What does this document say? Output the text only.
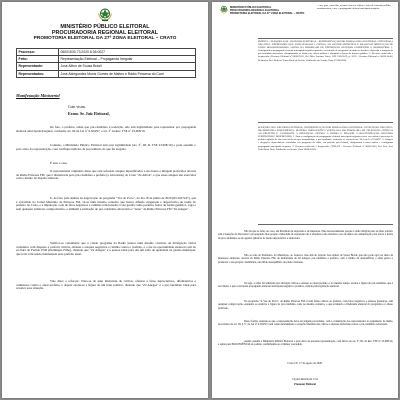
MINISTÉRIO PÚBLICO ELEITORAL
PROCURADORIA REGIONAL ELEITORAL
PROMOTORIA ELEITORAL DA 27ª ZONA ELEITORAL – CRATO
Processo:	06001530-73.2020.6.06.0027
Feito:	Representação Eleitoral – Propaganda Irregular
Representante:	José Ailton de Sousa Brasil
Representados:	José Aldegundes Muniz Gomes de Mattos e Rádio Princesa do Carri
Manifestação Ministerial
Com vistas.
Exmo. Sr. Juiz Eleitoral,
De fato, o prefeito, ainda que pré-candidato à reeleição, não tem legitimidade para representar por propaganda eleitoral antecipada/irregular, conforme art. 96 da Lei nº 9.504/97, e art. 3º da Res. TSE nº 23.608/19.
Contudo, o Ministério Público Eleitoral tem essa legitimidade (art. 3º, III, R. TSE 23.608/19) e pode assumir o polo ativo da representação, caso verifique indícios de procedência do que foi alegado.
É esse o caso.
O representante originário disse que está sofrendo ataques injustificados a sua honra e imagem proferidos através da Rádio Princesa FM, que é titularizada pelo pré-candidato a prefeito (e adversário) do Crato "Zé Ailton", e que esses ataques são exercidos com o intuito de disputa eleitoral.
E, de fato, pela análise da degravação do programa "Voz do Povo", do dia 18 de junho de 2020 (ID 2927247), que é veiculado no Jornal Matutino da Princesa FM, vê-se num mesmo contexto que houve difusão exagerada e depreciativa do nome do prefeito do Crato, e a imputação a ele de fatos negativos e calúnias relacionados à sua gestão como prefeito, feitos de forma genérica, vaga e sem qualquer substrato comprobatório, e também a exaltação do pré-candidato adversário e "dono" da Rádio Princesa FM "Zé Adegas".
Verifica-se claramente que o citado programa da Rádio juntou num mesmo contexto de divulgação vários conteúdos com disposto a proferir críticas, ofensas e ataques negativos e calúnia contra o prefeito, e o fez na oportunidade eleitoral com do ex-líder do Partido PSD (Domingos Filho), dizendo que "Zé Adegas" é a pessoa ideal para dar um salto de qualidade na gestão municipal, que teria vem sendo malmanada pelo prefeito atual.
Vale dizer e reforçar: Trata-se de uma misturada de críticas, ofensas e fatos depreciativos, difamatórios e calúniosos contra o atual prefeito, e depois exalta-se a figura de um líder político, dizendo que "Zé Adegas" é o pré-candidato ideal para reverter essa situação.
MINISTÉRIO PÚBLICO ELEITORAL
PROCURADORIA REGIONAL ELEITORAL
PROMOTORIA ELEITORAL DA 27ª ZONA ELEITORAL – CRATO
... ano, pois, como dito, mesmo elenca as críticas e fatos de conteúdo político, constitucionais, estes, a propaganda eleitoral antecipada negativa.
EMENTA – ELEIÇÕES 2018 – RECURSO ELEITORAL – REPRESENTAÇÃO POR PROPAGANDA ELEITORAL ANTECIPADA NEGATIVA. EXPRESSÕES QUE ULTRAPASSAM A CRÍTICA AO GESTOR MUNICIPAL E REALIZAM IMPUTAÇÃO DE FATOS DESABONADORES. ABUSO DA LIBERDADE DE EXPRESSÃO. RECURSO CONHECIDO E DESPROVIDO. 1. Configurada a propaganda eleitoral antecipada negativa quando a veiculação de programa em rádio se destina a depreciar a imagem do pré-candidato adversário, ultrapassando os limites da crítica política e atingindo a honra do homem público. 2. Recurso conhecido e desprovido. (Recurso Eleitoral nº 060027412, Rel. Min. Luciano Lúcio, DJE 19/6/2019, p. 1019 – Recurso Eleitoral n. 0600124-08, Relator(a) Des. Roberto Viana Diniz de Freitas, Publicado em Sessão, Data 27/08/2020).
ELEIÇÕES 2016. RECURSO ELEITORAL. REPRESENTAÇÃO POR PROPAGANDA ELEITORAL ANTECIPADA NEGATIVA. RECONHECIDA PROCEDÊNCIA. MATÉRIA JORNALÍSTICA VEICULADA EM PROGRAMA DE TELEVISÃO. CRÍTICAS AO PREFEITO E CANDIDATO À REELEIÇÃO. OFENSA À HONRA E IMAGEM. CARACTERIZAÇÃO. RECURSO CONHECIDO E DESPROVIDO. 1. Para a configuração da propaganda eleitoral antecipada negativa faz-se necessária a presença de pedido explícito de não voto ou de ato que desqualifique o pré-candidato, conforme se extrai do art. 36-A da Lei 9.504/97. 2. Ataques e alegações depreciativas veiculados em programa de rádio, em período pré-eleitoral, ultrapassam a mera crítica e configuram propaganda antecipada negativa. 3. Recurso conhecido e desprovido. (TRE-CE – Recurso Eleitoral nº 060027410, Rel. Des. José Vidal Silva Neto, Publicado em Sessão, Data 28/08/2020).
Não há que se falar, no caso, em liberdade de expressão e de imprensa. Não necessariamente porque a rádio dirigida pelo ex-líder político tem a intenção de direcionar a propaganda, mas porque a liberdade de expressão não é absoluta e não autoriza o uso de meios de comunicação para atacar a honra de pré-candidatos ou de agentes públicos de forma depreciativa e eleitoreira.
Não se trata de Prefeitura, do Município, ao fornecer, mas sim do próprio José Ailton de Sousa Brasil, que não pode agir por meio de interesses eleitorais, através da Rádio Princesa FM, de titularidade de Zé Adegas, pré-candidato a prefeito, com o intuito de desqualificar o atual gestor e promover a sua própria candidatura, em nítido desequilíbrio do pleito vindouro.
Ou seja, a rádio foi utilizada para divulgar críticas e ofensas ao atual prefeito e, ao mesmo tempo, exaltar a figura do pré-candidato que é seu titular, o que caracteriza propaganda eleitoral antecipada negativa e positiva, vedada pela legislação eleitoral.
No programa "A Voz do Povo", da Rádio Princesa FM, foram feitas críticas ao prefeito, com fatos negativos e ofensas genéricas, sem qualquer comprovação, enquanto se exaltava a figura do pré-candidato, tudo no mesmo contexto, o que evidencia a finalidade eleitoral do programa e o abuso praticado.
Dessa forma, entende-se que a representação deve ser julgada procedente, com a condenação dos representados ao pagamento de multa, nos termos do art. 36, § 3º, da Lei nº 9.504/97, bem como determinada a cessação imediata das críticas e ofensas desferidas contra o pré-candidato adversário.
Assim, assume o Ministério Público Eleitoral o polo ativo da presente representação, com fulcro no art. 3º, III, da Res. TSE nº 23.608/19, e opina pela PROCEDÊNCIA do pedido, confirmando-se a liminar concedida.
Crato-CE, 17 de agosto de 2020.
Cleyton Bantim da Cruz
Promotor Eleitoral
